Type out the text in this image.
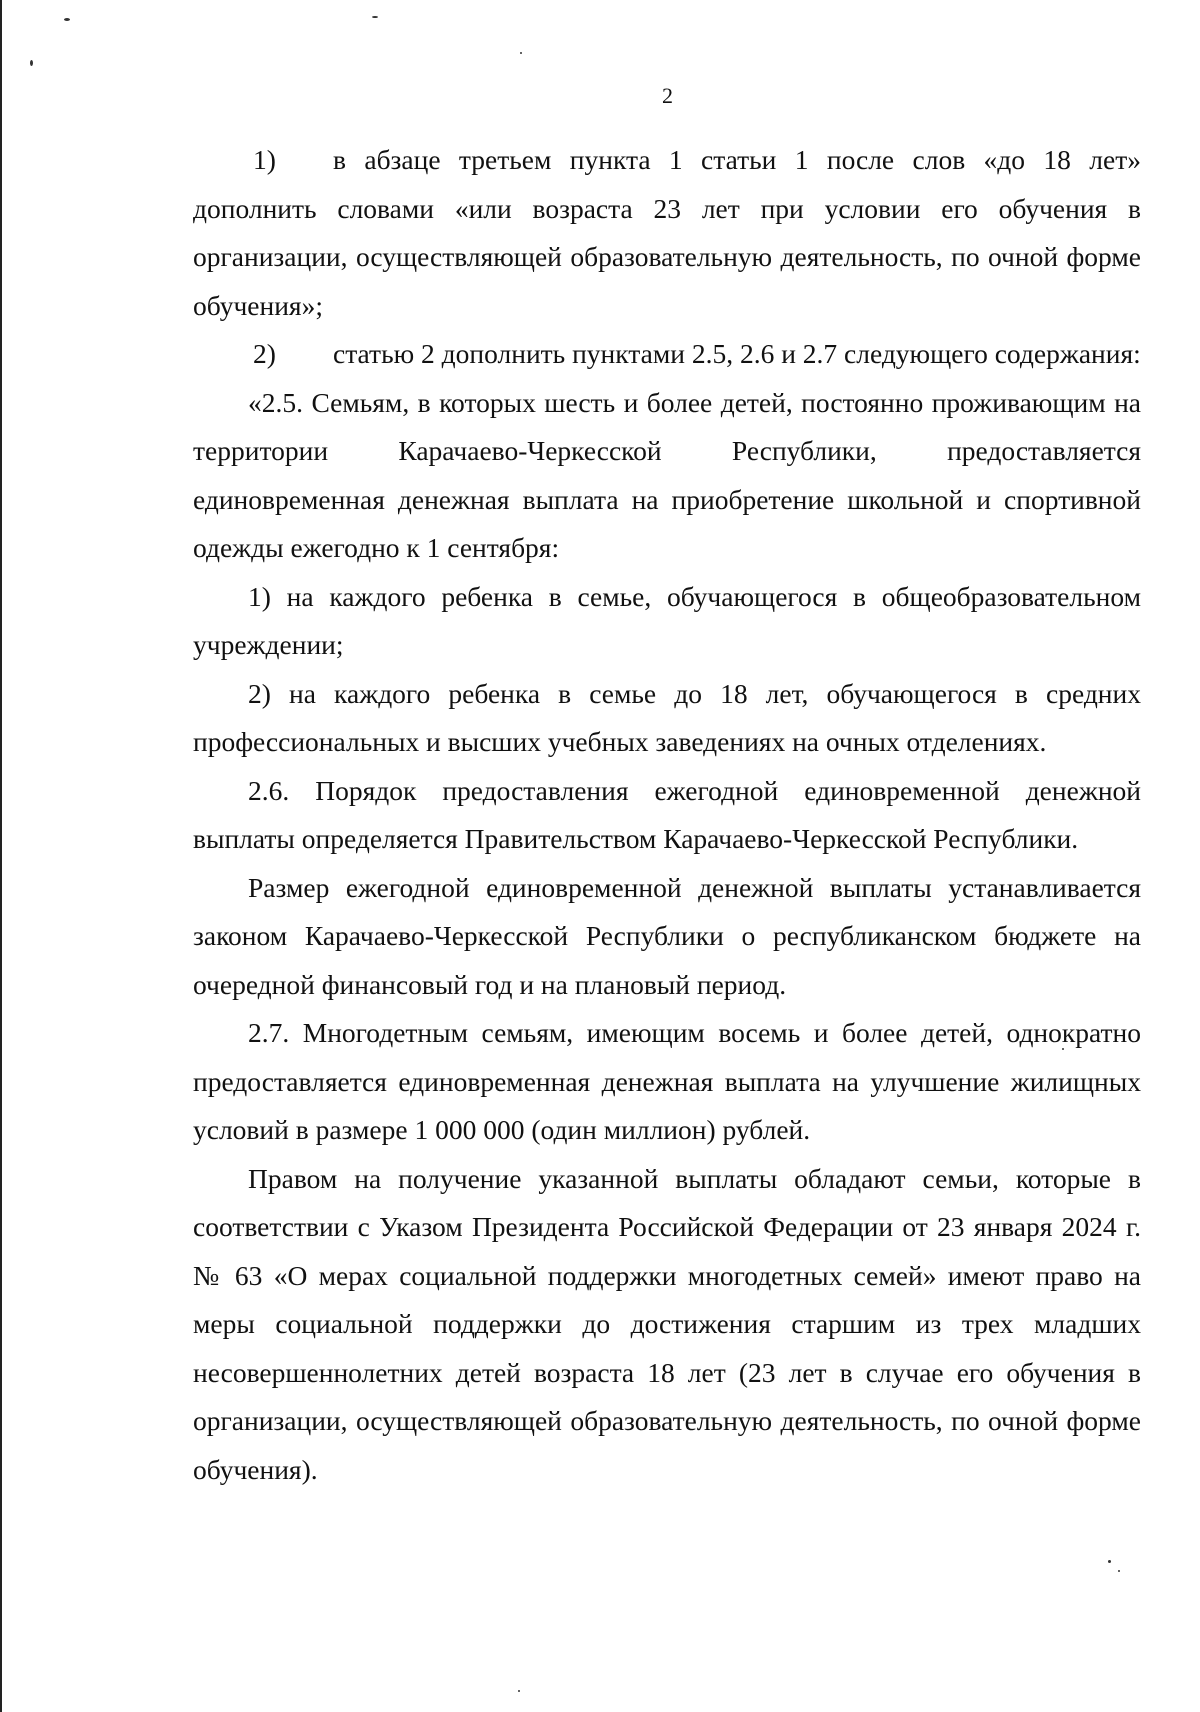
2

1) в абзаце третьем пункта 1 статьи 1 после слов «до 18 лет» дополнить словами «или возраста 23 лет при условии его обучения в организации, осуществляющей образовательную деятельность, по очной форме обучения»;

2) статью 2 дополнить пунктами 2.5, 2.6 и 2.7 следующего содержания:

«2.5. Семьям, в которых шесть и более детей, постоянно проживающим на территории Карачаево-Черкесской Республики, предоставляется единовременная денежная выплата на приобретение школьной и спортивной одежды ежегодно к 1 сентября:

1) на каждого ребенка в семье, обучающегося в общеобразовательном учреждении;

2) на каждого ребенка в семье до 18 лет, обучающегося в средних профессиональных и высших учебных заведениях на очных отделениях.

2.6. Порядок предоставления ежегодной единовременной денежной выплаты определяется Правительством Карачаево-Черкесской Республики.

Размер ежегодной единовременной денежной выплаты устанавливается законом Карачаево-Черкесской Республики о республиканском бюджете на очередной финансовый год и на плановый период.

2.7. Многодетным семьям, имеющим восемь и более детей, однократно предоставляется единовременная денежная выплата на улучшение жилищных условий в размере 1 000 000 (один миллион) рублей.

Правом на получение указанной выплаты обладают семьи, которые в соответствии с Указом Президента Российской Федерации от 23 января 2024 г. № 63 «О мерах социальной поддержки многодетных семей» имеют право на меры социальной поддержки до достижения старшим из трех младших несовершеннолетних детей возраста 18 лет (23 лет в случае его обучения в организации, осуществляющей образовательную деятельность, по очной форме обучения).
